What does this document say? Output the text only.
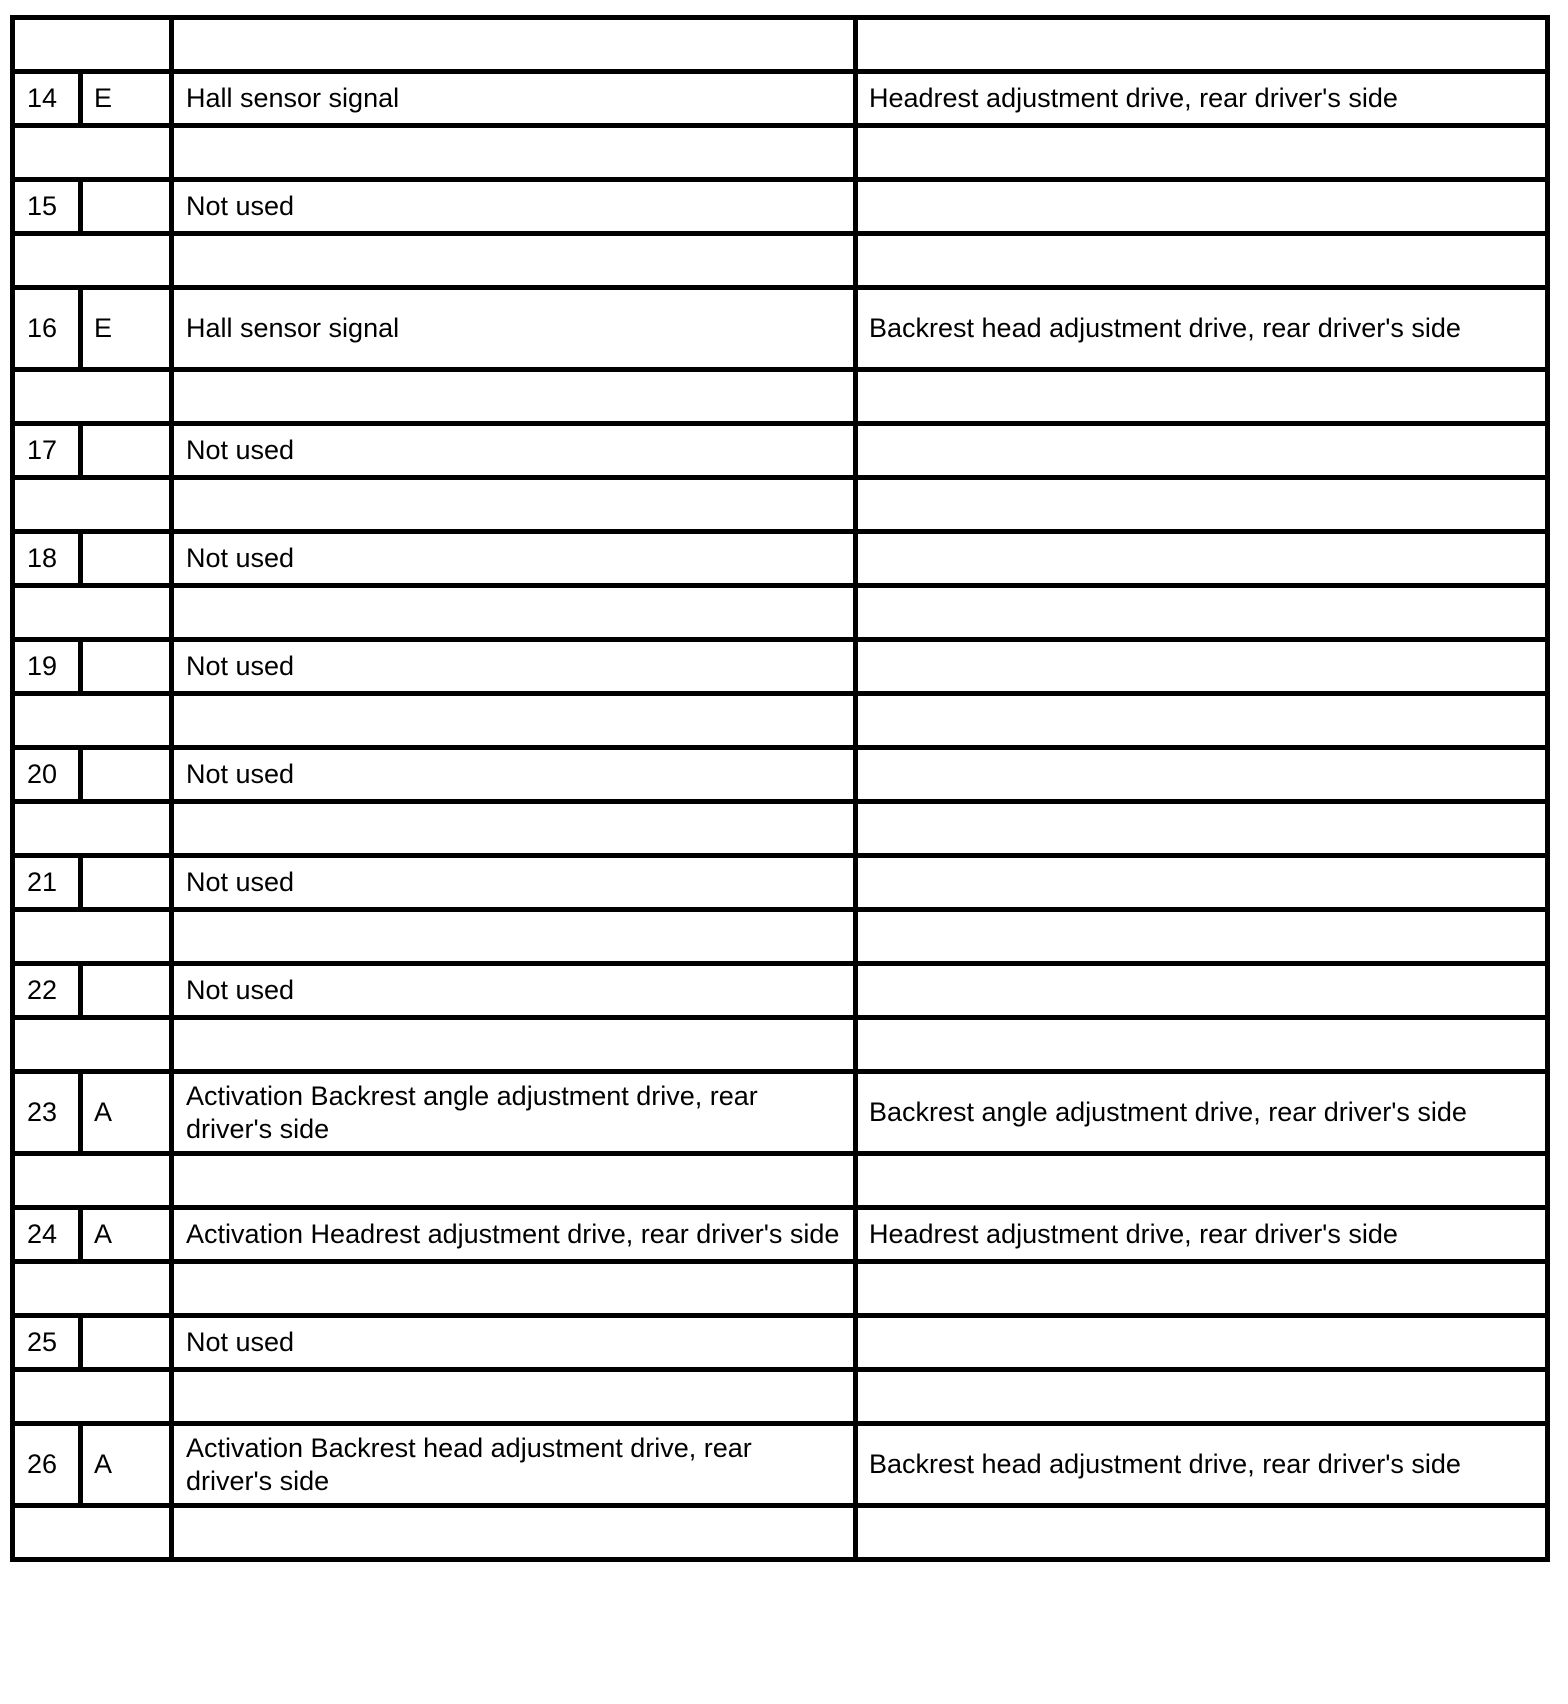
14	E	Hall sensor signal	Headrest adjustment drive, rear driver's side

15		Not used	

16	E	Hall sensor signal	Backrest head adjustment drive, rear driver's side

17		Not used	

18		Not used	

19		Not used	

20		Not used	

21		Not used	

22		Not used	

23	A	Activation Backrest angle adjustment drive, rear driver's side	Backrest angle adjustment drive, rear driver's side

24	A	Activation Headrest adjustment drive, rear driver's side	Headrest adjustment drive, rear driver's side

25		Not used	

26	A	Activation Backrest head adjustment drive, rear driver's side	Backrest head adjustment drive, rear driver's side
